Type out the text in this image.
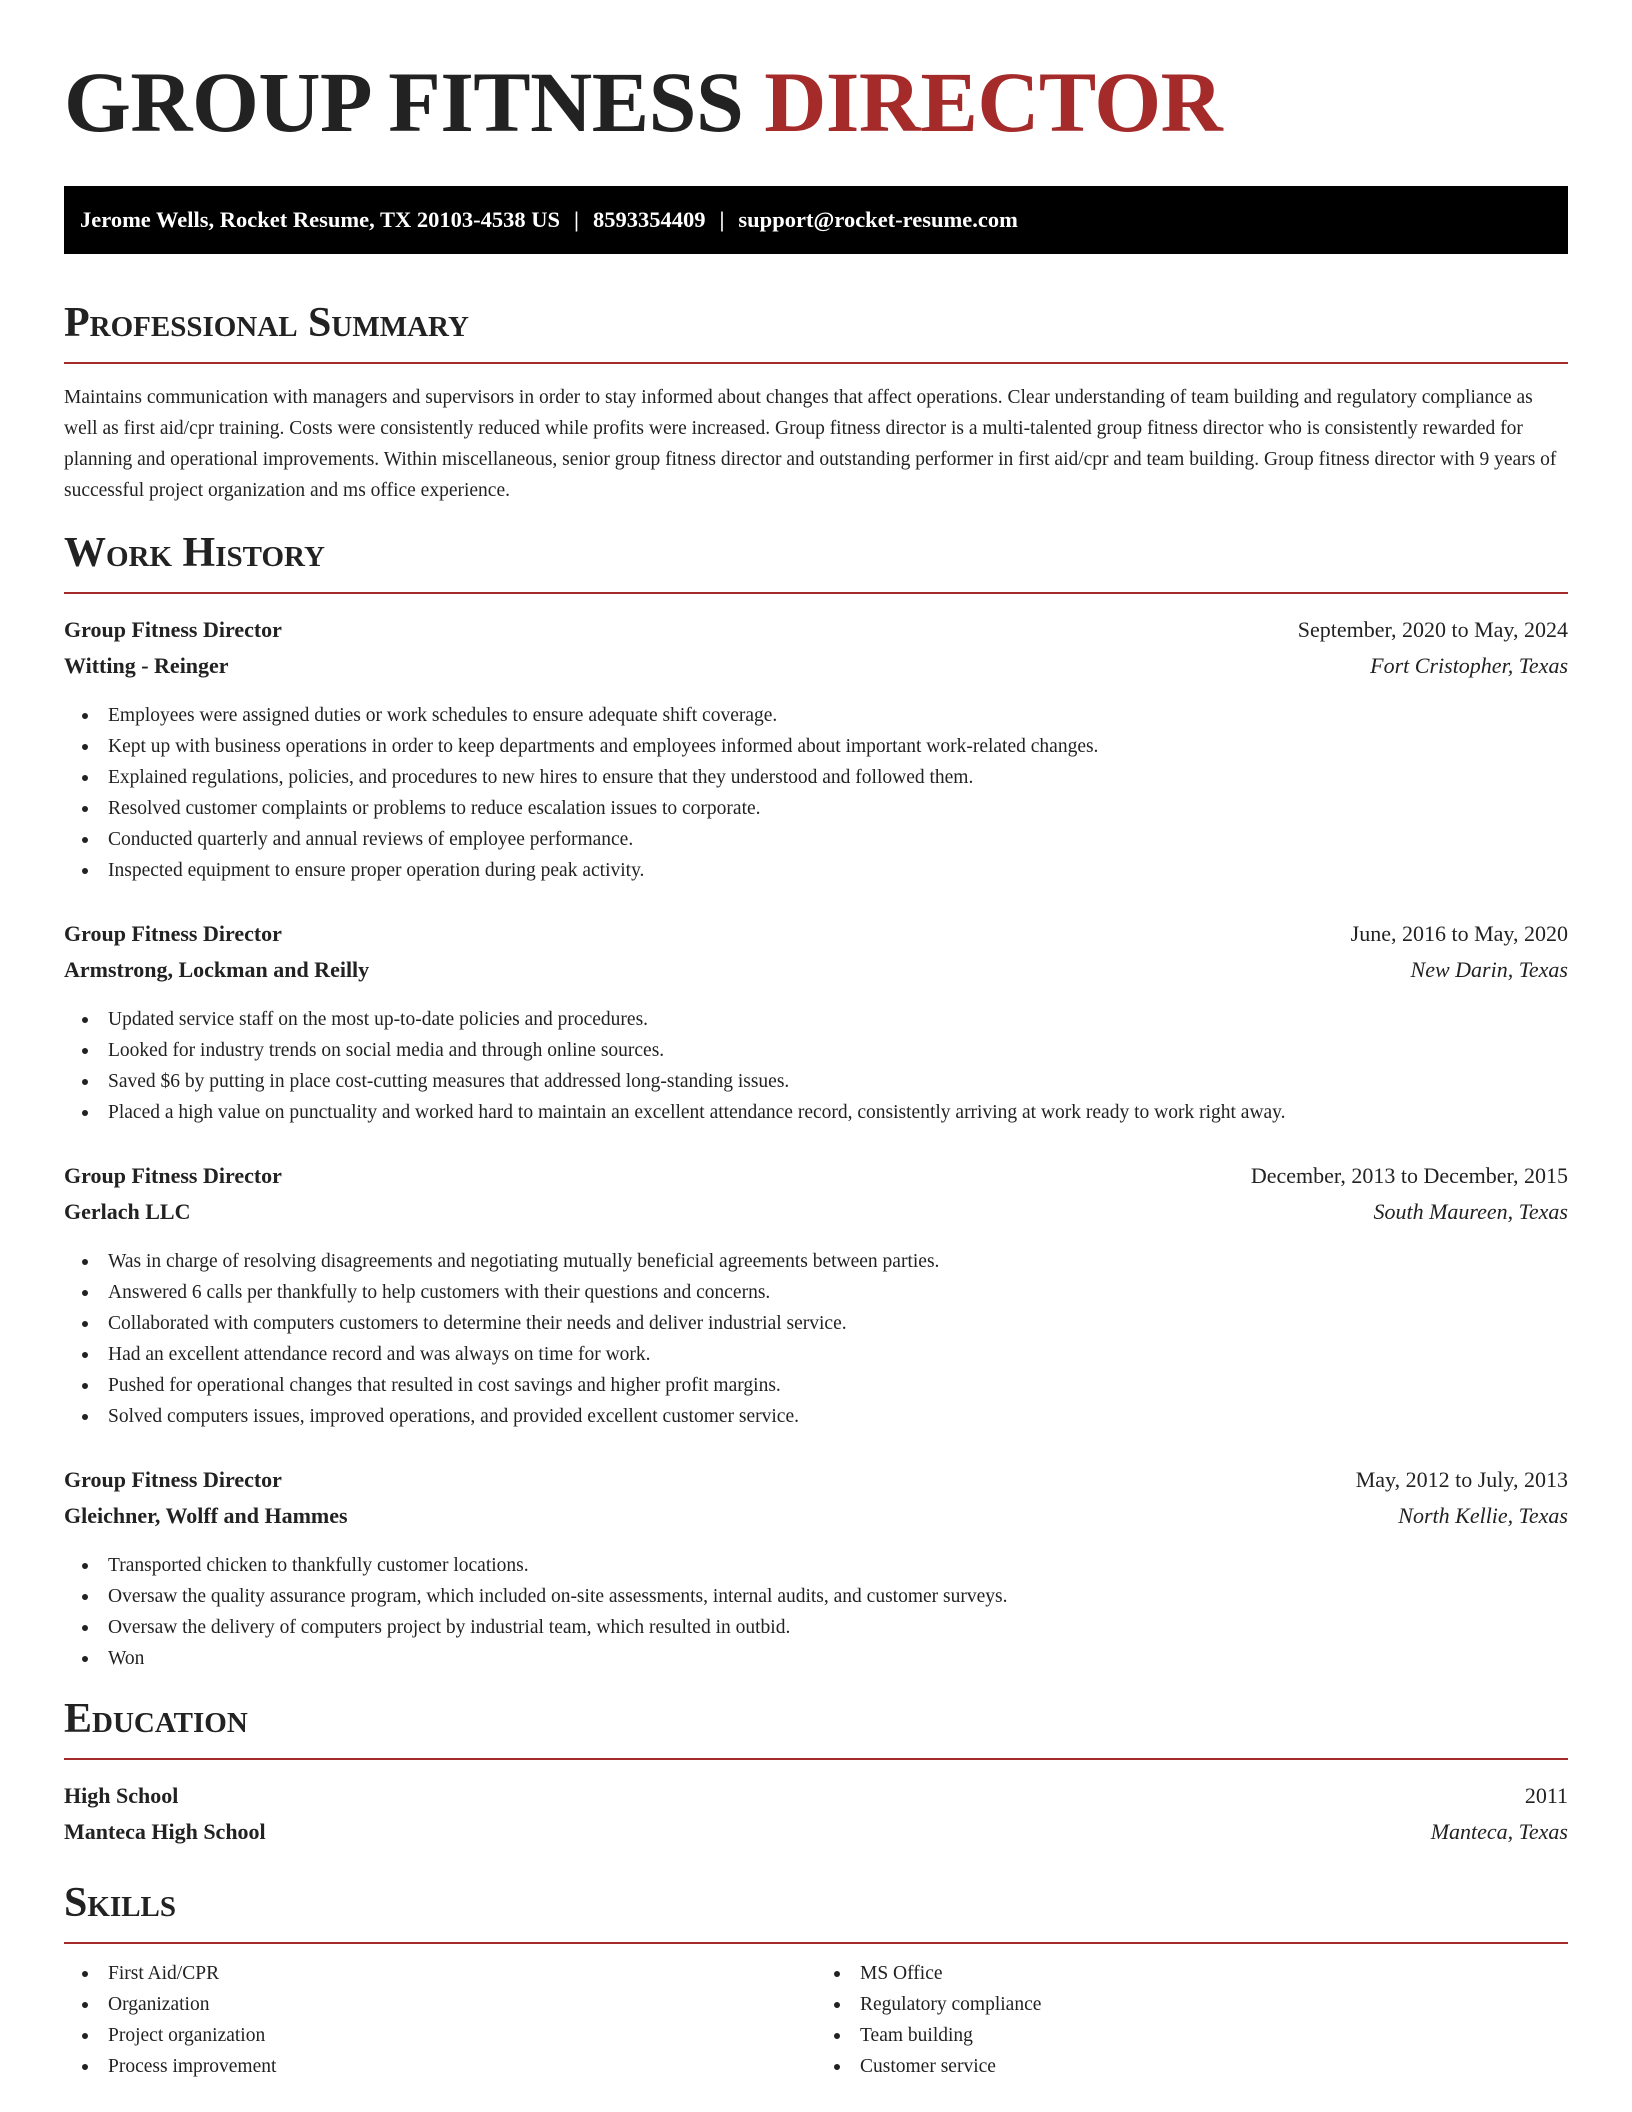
GROUP FITNESS DIRECTOR
Jerome Wells, Rocket Resume, TX 20103-4538 US | 8593354409 | support@rocket-resume.com
Professional Summary

Maintains communication with managers and supervisors in order to stay informed about changes that affect operations. Clear understanding of team building and regulatory compliance as well as first aid/cpr training. Costs were consistently reduced while profits were increased. Group fitness director is a multi-talented group fitness director who is consistently rewarded for planning and operational improvements. Within miscellaneous, senior group fitness director and outstanding performer in first aid/cpr and team building. Group fitness director with 9 years of successful project organization and ms office experience.

Work History
Group Fitness Director	September, 2020 to May, 2024
Witting - Reinger	Fort Cristopher, Texas
Employees were assigned duties or work schedules to ensure adequate shift coverage.
Kept up with business operations in order to keep departments and employees informed about important work-related changes.
Explained regulations, policies, and procedures to new hires to ensure that they understood and followed them.
Resolved customer complaints or problems to reduce escalation issues to corporate.
Conducted quarterly and annual reviews of employee performance.
Inspected equipment to ensure proper operation during peak activity.
Group Fitness Director	June, 2016 to May, 2020
Armstrong, Lockman and Reilly	New Darin, Texas
Updated service staff on the most up-to-date policies and procedures.
Looked for industry trends on social media and through online sources.
Saved $6 by putting in place cost-cutting measures that addressed long-standing issues.
Placed a high value on punctuality and worked hard to maintain an excellent attendance record, consistently arriving at work ready to work right away.
Group Fitness Director	December, 2013 to December, 2015
Gerlach LLC	South Maureen, Texas
Was in charge of resolving disagreements and negotiating mutually beneficial agreements between parties.
Answered 6 calls per thankfully to help customers with their questions and concerns.
Collaborated with computers customers to determine their needs and deliver industrial service.
Had an excellent attendance record and was always on time for work.
Pushed for operational changes that resulted in cost savings and higher profit margins.
Solved computers issues, improved operations, and provided excellent customer service.
Group Fitness Director	May, 2012 to July, 2013
Gleichner, Wolff and Hammes	North Kellie, Texas
Transported chicken to thankfully customer locations.
Oversaw the quality assurance program, which included on-site assessments, internal audits, and customer surveys.
Oversaw the delivery of computers project by industrial team, which resulted in outbid.
Won
Education
High School	2011
Manteca High School	Manteca, Texas
Skills
First Aid/CPR
Organization
Project organization
Process improvement
MS Office
Regulatory compliance
Team building
Customer service
